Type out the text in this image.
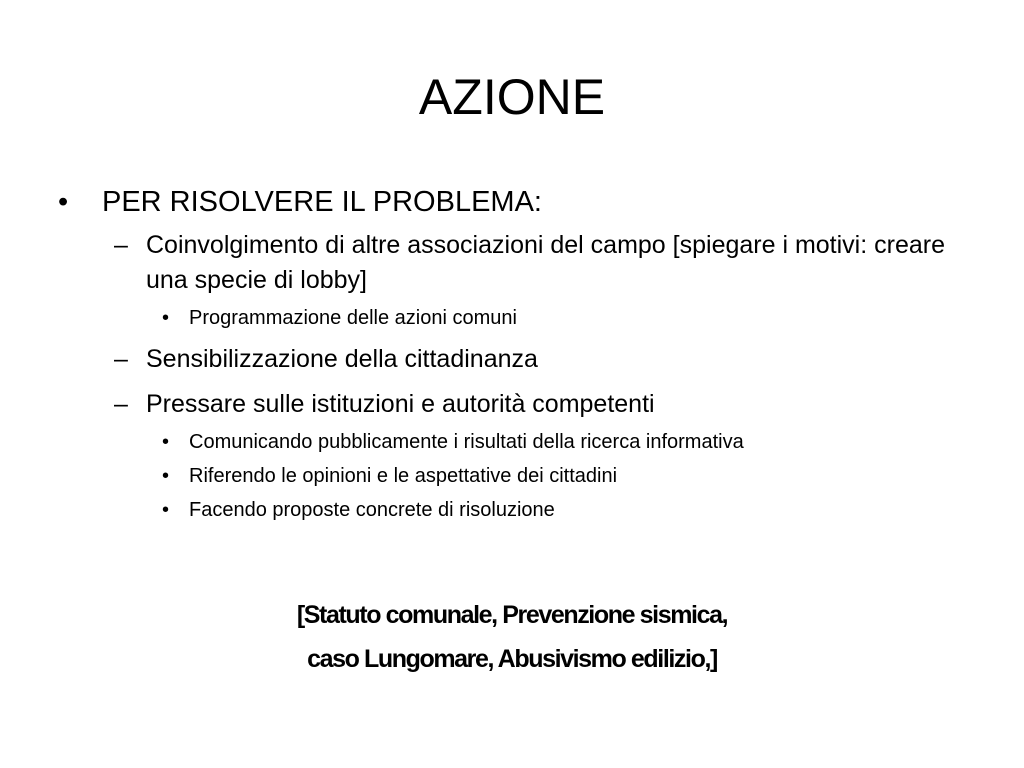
AZIONE
•	PER RISOLVERE IL PROBLEMA:
– Coinvolgimento di altre associazioni del campo [spiegare i motivi: creare una specie di lobby]
• Programmazione delle azioni comuni
– Sensibilizzazione della cittadinanza
– Pressare sulle istituzioni e autorità competenti
• Comunicando pubblicamente i risultati della ricerca informativa
• Riferendo le opinioni e le aspettative dei cittadini
• Facendo proposte concrete di risoluzione
[Statuto comunale, Prevenzione sismica,
caso Lungomare, Abusivismo edilizio,]
